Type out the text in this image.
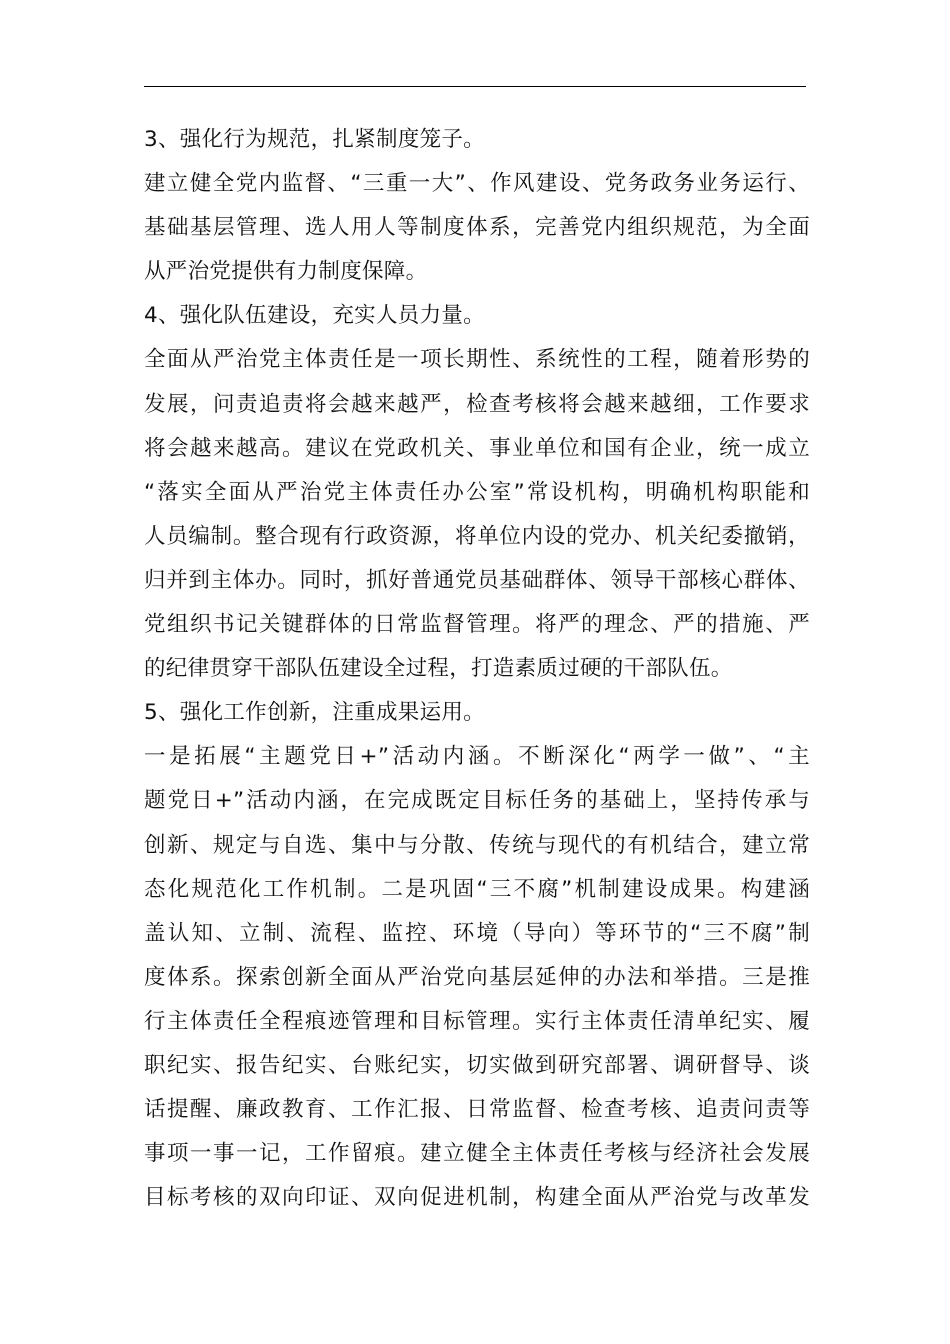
3、强化行为规范，扎紧制度笼子。
建立健全党内监督、“三重一大”、作风建设、党务政务业务运行、
基础基层管理、选人用人等制度体系，完善党内组织规范，为全面
从严治党提供有力制度保障。
4、强化队伍建设，充实人员力量。
全面从严治党主体责任是一项长期性、系统性的工程，随着形势的
发展，问责追责将会越来越严，检查考核将会越来越细，工作要求
将会越来越高。建议在党政机关、事业单位和国有企业，统一成立
“落实全面从严治党主体责任办公室”常设机构，明确机构职能和
人员编制。整合现有行政资源，将单位内设的党办、机关纪委撤销，
归并到主体办。同时，抓好普通党员基础群体、领导干部核心群体、
党组织书记关键群体的日常监督管理。将严的理念、严的措施、严
的纪律贯穿干部队伍建设全过程，打造素质过硬的干部队伍。
5、强化工作创新，注重成果运用。
一是拓展“主题党日+”活动内涵。不断深化“两学一做”、“主
题党日+”活动内涵，在完成既定目标任务的基础上，坚持传承与
创新、规定与自选、集中与分散、传统与现代的有机结合，建立常
态化规范化工作机制。二是巩固“三不腐”机制建设成果。构建涵
盖认知、立制、流程、监控、环境（导向）等环节的“三不腐”制
度体系。探索创新全面从严治党向基层延伸的办法和举措。三是推
行主体责任全程痕迹管理和目标管理。实行主体责任清单纪实、履
职纪实、报告纪实、台账纪实，切实做到研究部署、调研督导、谈
话提醒、廉政教育、工作汇报、日常监督、检查考核、追责问责等
事项一事一记，工作留痕。建立健全主体责任考核与经济社会发展
目标考核的双向印证、双向促进机制，构建全面从严治党与改革发
